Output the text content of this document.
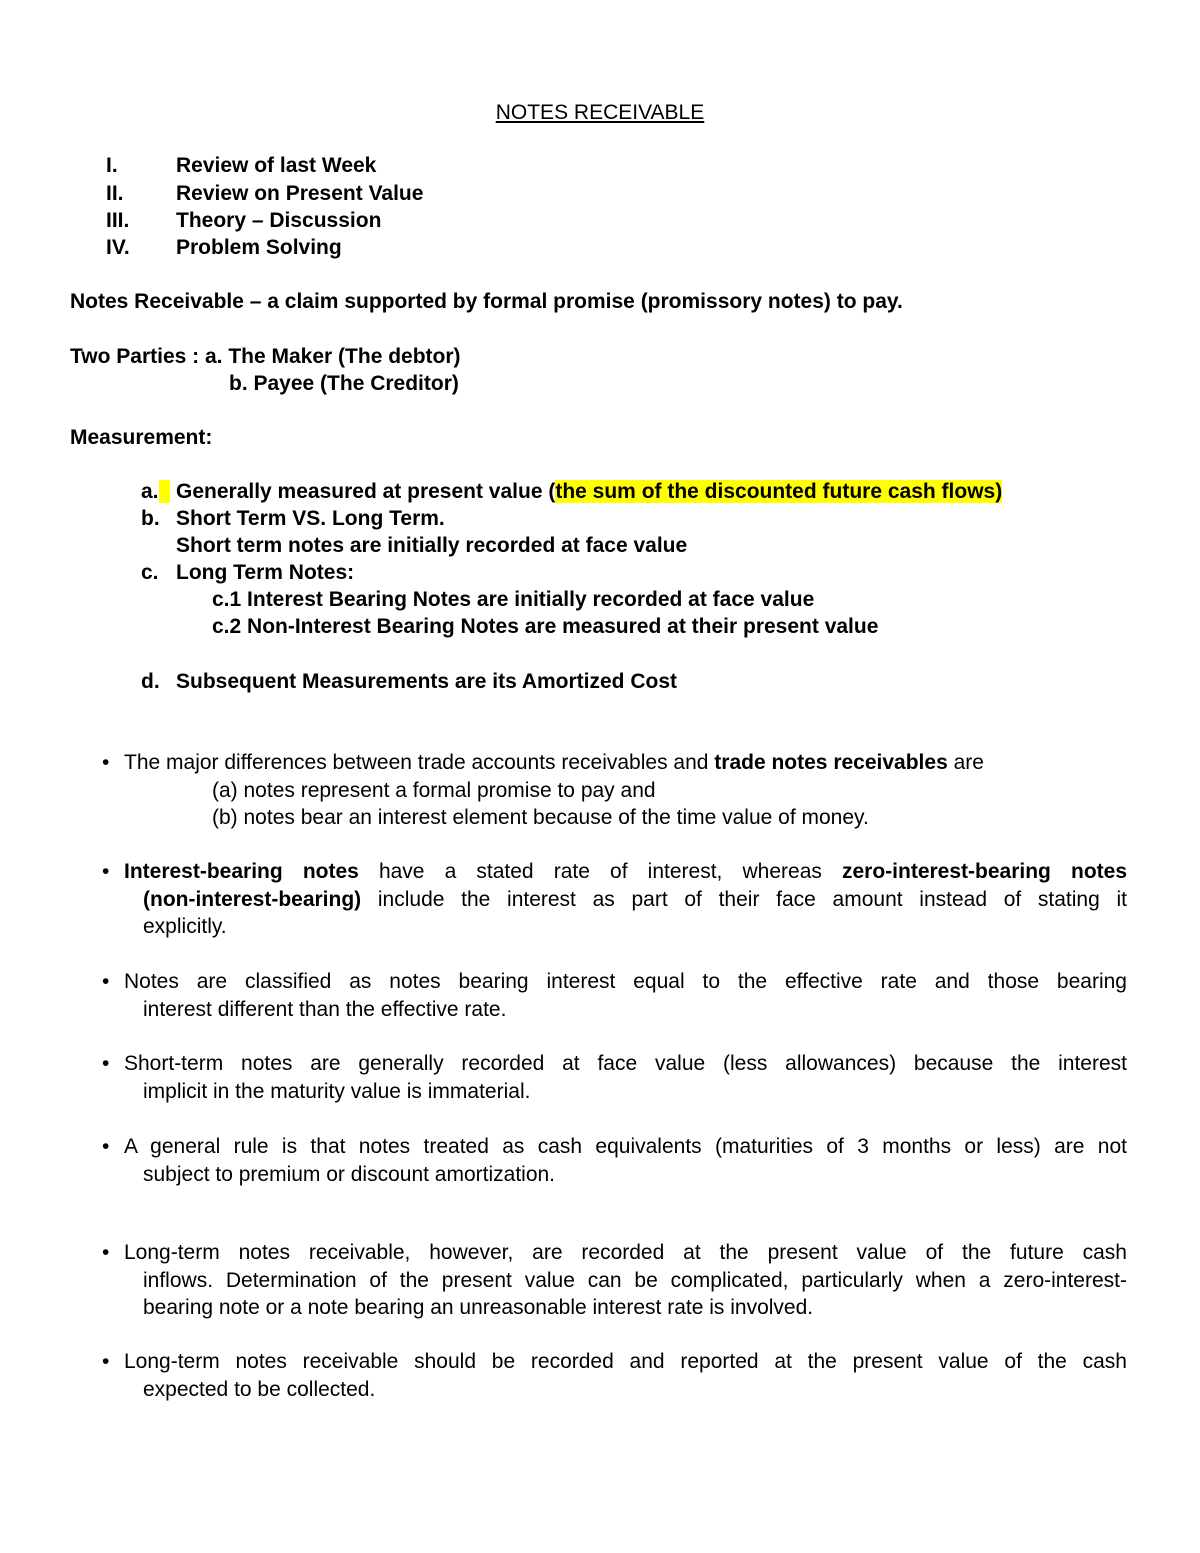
NOTES RECEIVABLE
I.	Review of last Week
II. Review on Present Value
III. Theory – Discussion
IV. Problem Solving
Notes Receivable – a claim supported by formal promise (promissory notes) to pay.
Two Parties : a. The Maker (The debtor)
b. Payee (The Creditor)
Measurement:
a. Generally measured at present value (the sum of the discounted future cash flows)
b. Short Term VS. Long Term.
Short term notes are initially recorded at face value
c. Long Term Notes:
c.1 Interest Bearing Notes are initially recorded at face value
c.2 Non-Interest Bearing Notes are measured at their present value
d. Subsequent Measurements are its Amortized Cost
• The major differences between trade accounts receivables and trade notes receivables are
(a) notes represent a formal promise to pay and
(b) notes bear an interest element because of the time value of money.
• Interest-bearing notes have a stated rate of interest, whereas zero-interest-bearing notes
(non-interest-bearing) include the interest as part of their face amount instead of stating it
explicitly.
• Notes are classified as notes bearing interest equal to the effective rate and those bearing
interest different than the effective rate.
• Short-term notes are generally recorded at face value (less allowances) because the interest
implicit in the maturity value is immaterial.
• A general rule is that notes treated as cash equivalents (maturities of 3 months or less) are not
subject to premium or discount amortization.
• Long-term notes receivable, however, are recorded at the present value of the future cash
inflows. Determination of the present value can be complicated, particularly when a zero-interest-
bearing note or a note bearing an unreasonable interest rate is involved.
• Long-term notes receivable should be recorded and reported at the present value of the cash
expected to be collected.
